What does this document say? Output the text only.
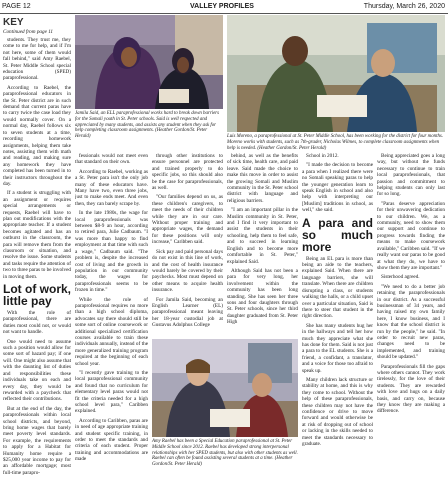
PAGE 12	VALLEY PROFILES	Thursday, March 26, 2020
KEY
Continued from page 11

students. They trust me, they come to me for help, and if I'm not here, some of them would fall behind," said Amy Raebel, St. Peter Middle School special education (SPED) paraprofessional.

According to Raebel, the paraprofessional educators in the St. Peter district are in such demand that current paras have to carry twice the case load they would normally cover. On a normal day, Raebel follows six to seven students at a time, recording homework assignments, helping them take notes, assisting them with math and reading, and making sure any homework they have completed has been turned in to their instructors throughout the day.

If a student is struggling with an assignment or requires special arrangements or requests, Raebel will have to plan out modifications with the appropriate teacher. If a student becomes agitated and has an outburst in the classroom, the para will remove them from the classroom or situation, and resolve the issue. Some students and tasks require the attention of two to three paras to be involved in moving them.

Lot of work, little pay

With the role of paraprofessional, there are duties most could not, or would not want to handle.

One would need to assume such a position would allow for some sort of hazard pay; if one will. One might also assume that with the daunting list of duties and responsibilities these individuals take on each and every day, they would be rewarded with a paycheck that reflected their contributions.

But at the end of the day, the paraprofessionals within local school districts, and beyond, bring home wages that barely meet poverty level standards. For example, the requirements to apply for a Habitat for Humanity home require a $25,000 year income to pay for an affordable mortgage; most full-time parapro-

Jamila Said, an ELL paraprofessional works hard to break down barriers for the Somali youth in St. Peter schools. Said is well respected and appreciated by many students, and assists any student when they ask for help completing classroom assignments. (Heather Gordon/St. Peter Herald)

fessionals would not meet even that standard on their own.

According to Raebel, working as a St. Peter para isn't the only job many of these educators have. Many have two, even three jobs, just to make ends meet. And even then, they can barely scrape by.

In the late 1980s, the wage for local paraprofessionals was between $8-9 an hour, according to retired para, Julie Cadbaum. "I was more than happy to find employment at that time with such a wage," Cadbaum said. "The problem is, despite the increased cost of living and the growth in population in our community today, the wages for paraprofessionals seems to be frozen in time."

While the role of paraprofessional requires no more than a high school diploma, advocates say there should still be some sort of online coursework or additional specialized certification courses available to train these individuals annually, instead of the more generalized training program required at the beginning of each school year.

"I recently gave training to the local paraprofessional community and found that no curriculum for elementary level paras would not fit the criteria needed for a high school level para," Caribben explained.

According to Caribben, paras are in need of age appropriate training and student specific training, in order to meet the standards and criteria of each student. Proper training and accommodations are made

through other institutions to ensure personnel are protected and trained properly to do specific jobs, so this should also be the case for paraprofessionals, as well.

"Our families depend on us, as these children's caregivers, to meet the needs of their children while they are in our care. Without proper training and appropriate wages, the demand for these positions will only increase," Caribben said.

Sick pay and paid personal days do not exist in this line of work, and the cost of health insurance would barely be covered by their paychecks. Most must depend on other means to acquire health insurance.

For Jamila Said, becoming an English Learner (EL) paraprofessional meant leaving her 18-year custodial job at Gustavus Adolphus College

Luis Moreno, a paraprofessional at St. Peter Middle School, has been working for the district for four months. Moreno works with students, such as 7th-grader, Nicholas Wilmes, to complete classroom assignments when help is needed. (Heather Gordon/St. Peter Herald)

behind, as well as the benefits of sick time, health care, and paid leave. Said made the choice to make this move in order to assist the growing Somali and Muslim community in the St. Peter school district with language and religious barriers.

"I am an important pillar in the Muslim community in St. Peter, and I find it very important to assist the students in their schooling, help them to feel safe, and to succeed in learning English and to become more comfortable in St. Peter," explained Said.

Although Said has not been a para for very long, her involvement within the community has been long standing. She has seen her three sons and four daughters through St. Peter schools, since her third daughter graduated from St. Peter High

School in 2012.

"I made the decision to become a para when I realized there were no Somali speaking paras to help the younger generation learn to speak English in school and also help with interpreting our [Muslim] traditions in school, as well," she said.

A para and so much more

Being an EL para is more than being an aide to the teachers, explained Said. When there are language barriers, she will translate. When there are children disrupting a class, or students walking the halls, or a child upset over a particular situation, Said is there to steer that student in the right direction.

She has many students hug her in the hallways and tell her how much they appreciate what she has done for them. Said is not just a para to the EL students. She is a friend, a confidant, a translator, and a voice for those too afraid to speak up.

Many children lack structure or stability at home, and this is why they come to school. Without the help of these paraprofessionals, these children may not have the confidence or drive to move forward and would otherwise be at risk of dropping out of school or lacking in the skills needed to meet the standards necessary to graduate.

Being appreciated goes a long way, but without the funds necessary to continue to train local paraprofessionals, that passion and commitment to helping students can only last for so long.

"Paras deserve appreciation for their unwavering dedication to our children. We, as a community, need to show them our support and continue to progress towards finding the means to make coursework available," Caribben said. "If we really want our paras to be good at what they do, we have to show them they are important."

Sisterhood agreed.

"We need to do a better job retaining the paraprofessionals in our district. As a successful businessman of 34 years, and having raised my own family here, I know business, and I know that the school district is run by the people," he said. "In order to recruit new paras, changes need to be implemented, and training should be updated."

Paraprofessionals fill the gaps where others cannot. They work tirelessly, for the love of their students. They are rewarded with love and hugs on a daily basis, and carry on, because they know they are making a difference.

Amy Raebel has been a Special Education paraprofessional at St. Peter Middle School since 2012. Raebel has developed strong interpersonal relationships with her SPED students, but also with other students as well. Raebel can often be found assisting several students at a time. (Heather Gordon/St. Peter Herald)
